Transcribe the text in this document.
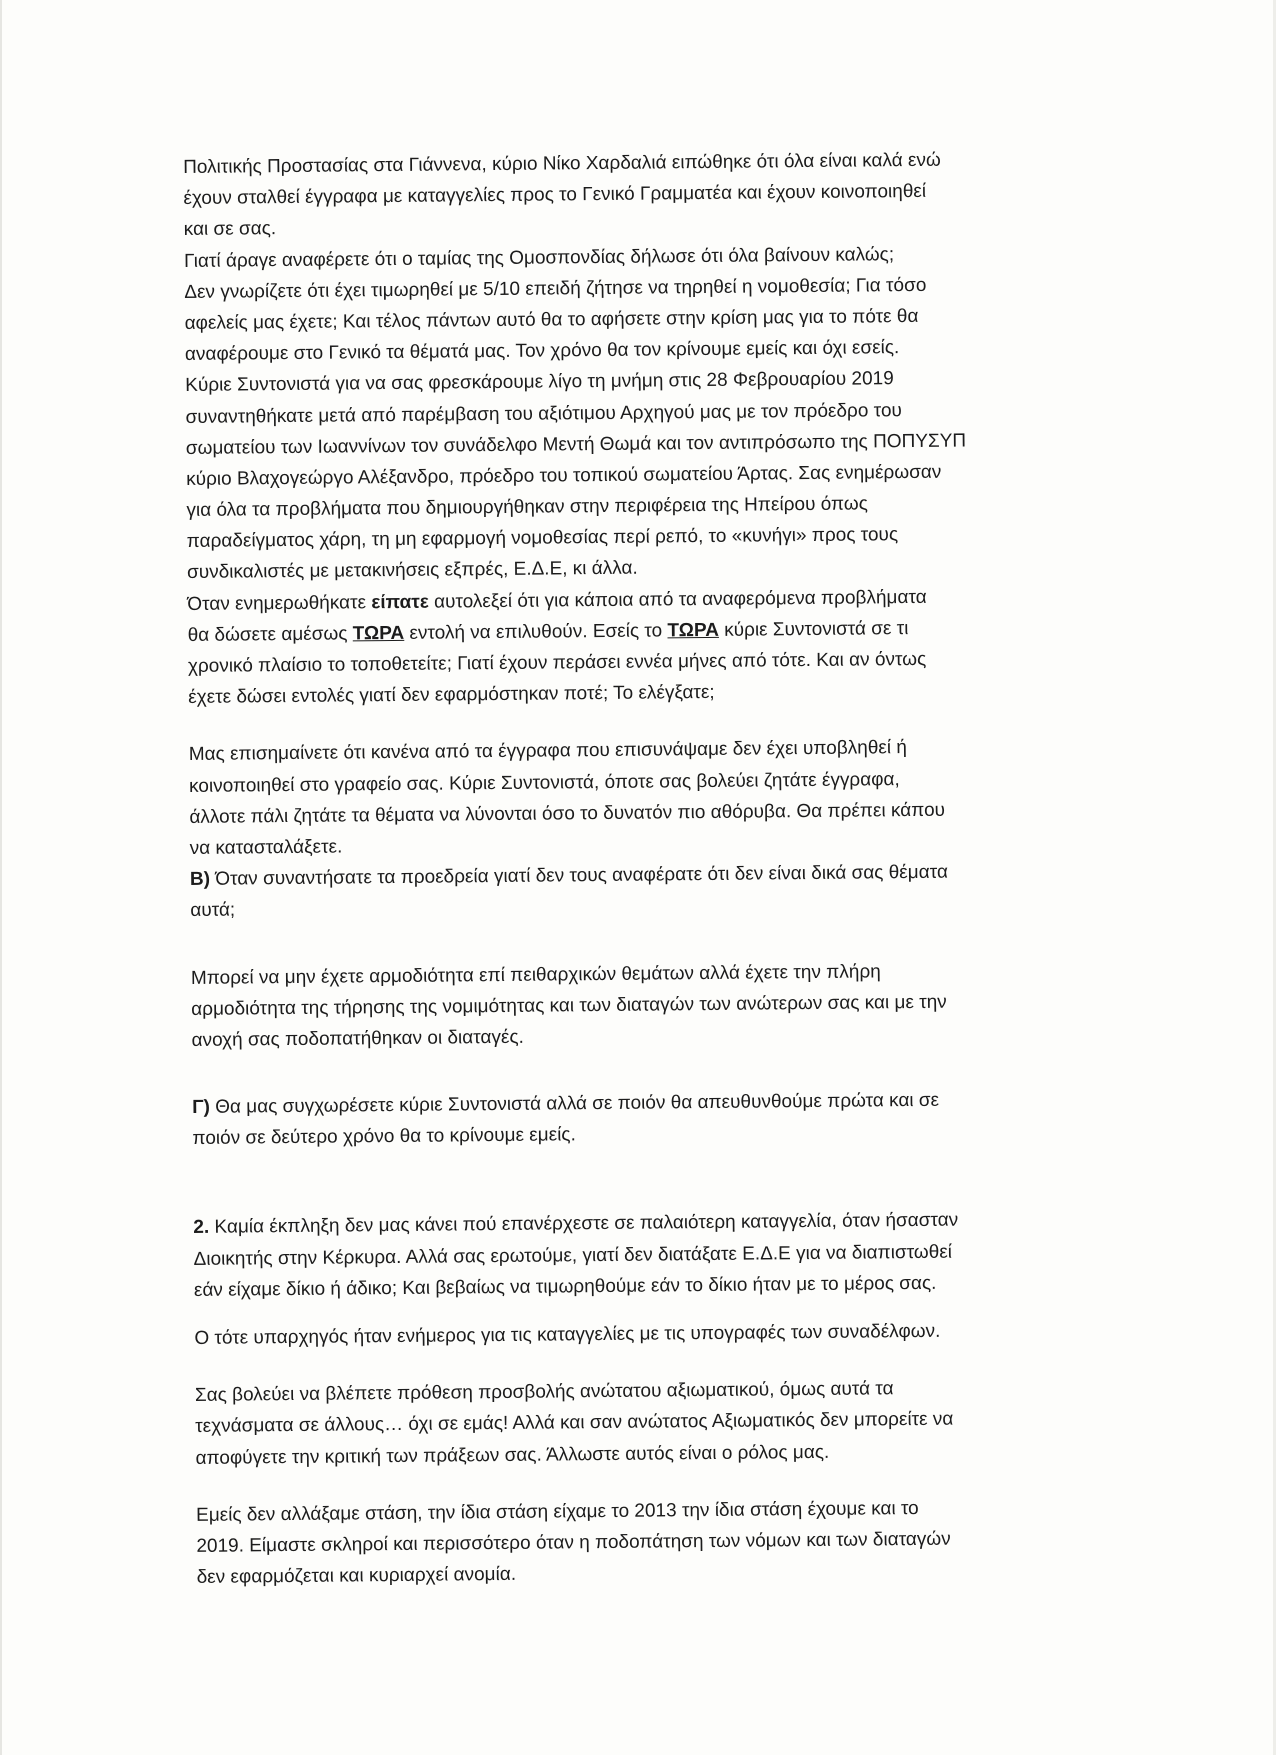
Πολιτικής Προστασίας στα Γιάννενα, κύριο Νίκο Χαρδαλιά ειπώθηκε ότι όλα είναι καλά ενώ
έχουν σταλθεί έγγραφα με καταγγελίες προς το Γενικό Γραμματέα και έχουν κοινοποιηθεί
και σε σας.
Γιατί άραγε αναφέρετε ότι ο ταμίας της Ομοσπονδίας δήλωσε ότι όλα βαίνουν καλώς;
Δεν γνωρίζετε ότι έχει τιμωρηθεί με 5/10 επειδή ζήτησε να τηρηθεί η νομοθεσία; Για τόσο
αφελείς μας έχετε; Και τέλος πάντων αυτό θα το αφήσετε στην κρίση μας για το πότε θα
αναφέρουμε στο Γενικό τα θέματά μας. Τον χρόνο θα τον κρίνουμε εμείς και όχι εσείς.
Κύριε Συντονιστά για να σας φρεσκάρουμε λίγο τη μνήμη στις 28 Φεβρουαρίου 2019
συναντηθήκατε μετά από παρέμβαση του αξιότιμου Αρχηγού μας με τον πρόεδρο του
σωματείου των Ιωαννίνων τον συνάδελφο Μεντή Θωμά και τον αντιπρόσωπο της ΠΟΠΥΣΥΠ
κύριο Βλαχογεώργο Αλέξανδρο, πρόεδρο του τοπικού σωματείου Άρτας. Σας ενημέρωσαν
για όλα τα προβλήματα που δημιουργήθηκαν στην περιφέρεια της Ηπείρου όπως
παραδείγματος χάρη, τη μη εφαρμογή νομοθεσίας περί ρεπό, το «κυνήγι» προς τους
συνδικαλιστές με μετακινήσεις εξπρές, Ε.Δ.Ε, κι άλλα.
Όταν ενημερωθήκατε είπατε αυτολεξεί ότι για κάποια από τα αναφερόμενα προβλήματα
θα δώσετε αμέσως ΤΩΡΑ εντολή να επιλυθούν. Εσείς το ΤΩΡΑ κύριε Συντονιστά σε τι
χρονικό πλαίσιο το τοποθετείτε; Γιατί έχουν περάσει εννέα μήνες από τότε. Και αν όντως
έχετε δώσει εντολές γιατί δεν εφαρμόστηκαν ποτέ; Το ελέγξατε;
Μας επισημαίνετε ότι κανένα από τα έγγραφα που επισυνάψαμε δεν έχει υποβληθεί ή
κοινοποιηθεί στο γραφείο σας. Κύριε Συντονιστά, όποτε σας βολεύει ζητάτε έγγραφα,
άλλοτε πάλι ζητάτε τα θέματα να λύνονται όσο το δυνατόν πιο αθόρυβα. Θα πρέπει κάπου
να κατασταλάξετε.
Β) Όταν συναντήσατε τα προεδρεία γιατί δεν τους αναφέρατε ότι δεν είναι δικά σας θέματα
αυτά;
Μπορεί να μην έχετε αρμοδιότητα επί πειθαρχικών θεμάτων αλλά έχετε την πλήρη
αρμοδιότητα της τήρησης της νομιμότητας και των διαταγών των ανώτερων σας και με την
ανοχή σας ποδοπατήθηκαν οι διαταγές.
Γ) Θα μας συγχωρέσετε κύριε Συντονιστά αλλά σε ποιόν θα απευθυνθούμε πρώτα και σε
ποιόν σε δεύτερο χρόνο θα το κρίνουμε εμείς.
2. Καμία έκπληξη δεν μας κάνει πού επανέρχεστε σε παλαιότερη καταγγελία, όταν ήσασταν
Διοικητής στην Κέρκυρα. Αλλά σας ερωτούμε, γιατί δεν διατάξατε Ε.Δ.Ε για να διαπιστωθεί
εάν είχαμε δίκιο ή άδικο; Και βεβαίως να τιμωρηθούμε εάν το δίκιο ήταν με το μέρος σας.
Ο τότε υπαρχηγός ήταν ενήμερος για τις καταγγελίες με τις υπογραφές των συναδέλφων.
Σας βολεύει να βλέπετε πρόθεση προσβολής ανώτατου αξιωματικού, όμως αυτά τα
τεχνάσματα σε άλλους… όχι σε εμάς! Αλλά και σαν ανώτατος Αξιωματικός δεν μπορείτε να
αποφύγετε την κριτική των πράξεων σας. Άλλωστε αυτός είναι ο ρόλος μας.
Εμείς δεν αλλάξαμε στάση, την ίδια στάση είχαμε το 2013 την ίδια στάση έχουμε και το
2019. Είμαστε σκληροί και περισσότερο όταν η ποδοπάτηση των νόμων και των διαταγών
δεν εφαρμόζεται και κυριαρχεί ανομία.
